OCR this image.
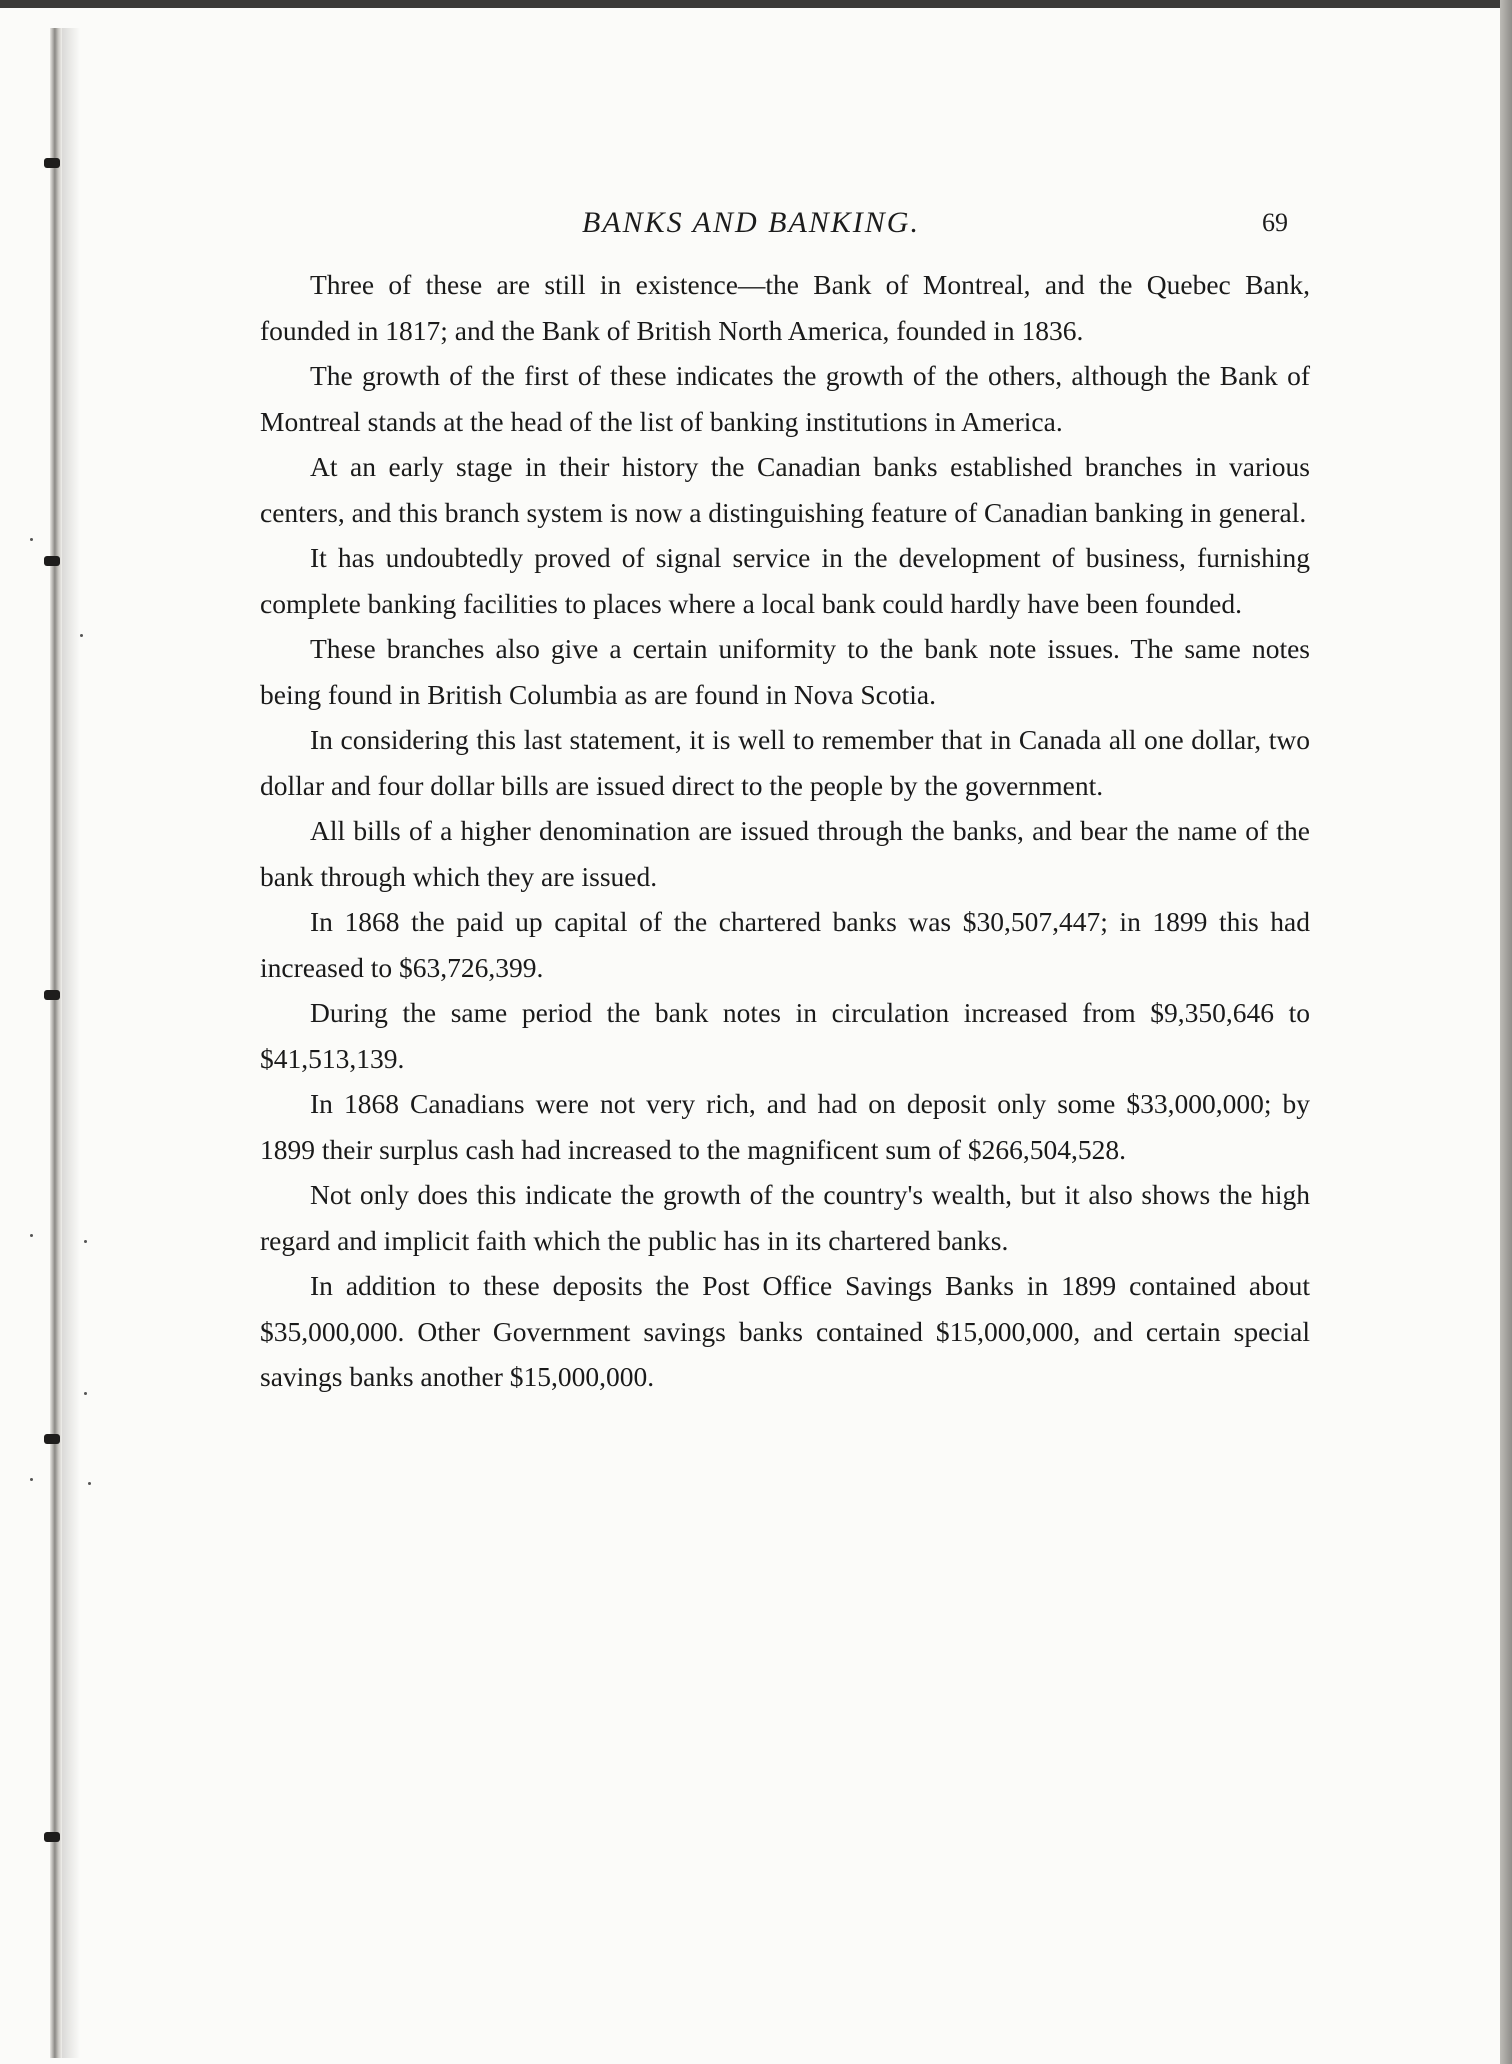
BANKS AND BANKING.	69

Three of these are still in existence—the Bank of Montreal, and the Quebec Bank, founded in 1817; and the Bank of British North America, founded in 1836.

The growth of the first of these indicates the growth of the others, although the Bank of Montreal stands at the head of the list of banking institutions in America.

At an early stage in their history the Canadian banks established branches in various centers, and this branch system is now a distinguishing feature of Canadian banking in general.

It has undoubtedly proved of signal service in the development of business, furnishing complete banking facilities to places where a local bank could hardly have been founded.

These branches also give a certain uniformity to the bank note issues. The same notes being found in British Columbia as are found in Nova Scotia.

In considering this last statement, it is well to remember that in Canada all one dollar, two dollar and four dollar bills are issued direct to the people by the government.

All bills of a higher denomination are issued through the banks, and bear the name of the bank through which they are issued.

In 1868 the paid up capital of the chartered banks was $30,507,447; in 1899 this had increased to $63,726,399.

During the same period the bank notes in circulation increased from $9,350,646 to $41,513,139.

In 1868 Canadians were not very rich, and had on deposit only some $33,000,000; by 1899 their surplus cash had increased to the magnificent sum of $266,504,528.

Not only does this indicate the growth of the country's wealth, but it also shows the high regard and implicit faith which the public has in its chartered banks.

In addition to these deposits the Post Office Savings Banks in 1899 contained about $35,000,000. Other Government savings banks contained $15,000,000, and certain special savings banks another $15,000,000.
